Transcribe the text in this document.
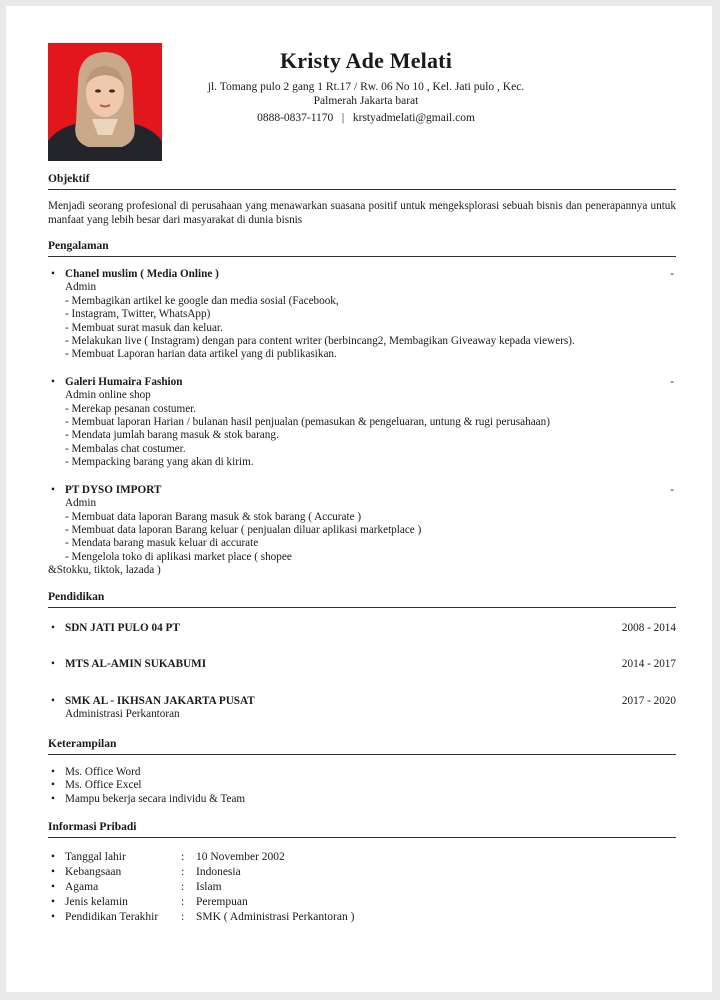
Kristy Ade Melati
jl. Tomang pulo 2 gang 1 Rt.17 / Rw. 06 No 10 , Kel. Jati pulo , Kec.
Palmerah Jakarta barat
0888-0837-1170 | krstyadmelati@gmail.com
Objektif
Menjadi seorang profesional di perusahaan yang menawarkan suasana positif untuk mengeksplorasi sebuah bisnis dan penerapannya untuk manfaat yang lebih besar dari masyarakat di dunia bisnis
Pengalaman
• Chanel muslim ( Media Online )	-
Admin
- Membagikan artikel ke google dan media sosial (Facebook,
- Instagram, Twitter, WhatsApp)
- Membuat surat masuk dan keluar.
- Melakukan live ( Instagram) dengan para content writer (berbincang2, Membagikan Giveaway kepada viewers).
- Membuat Laporan harian data artikel yang di publikasikan.
• Galeri Humaira Fashion	-
Admin online shop
- Merekap pesanan costumer.
- Membuat laporan Harian / bulanan hasil penjualan (pemasukan & pengeluaran, untung & rugi perusahaan)
- Mendata jumlah barang masuk & stok barang.
- Membalas chat costumer.
- Mempacking barang yang akan di kirim.
• PT DYSO IMPORT	-
Admin
- Membuat data laporan Barang masuk & stok barang ( Accurate )
- Membuat data laporan Barang keluar ( penjualan diluar aplikasi marketplace )
- Mendata barang masuk keluar di accurate
- Mengelola toko di aplikasi market place ( shopee
&Stokku, tiktok, lazada )
Pendidikan
• SDN JATI PULO 04 PT	2008 - 2014
• MTS AL-AMIN SUKABUMI	2014 - 2017
• SMK AL - IKHSAN JAKARTA PUSAT	2017 - 2020
Administrasi Perkantoran
Keterampilan
• Ms. Office Word
• Ms. Office Excel
• Mampu bekerja secara individu & Team
Informasi Pribadi
• Tanggal lahir	: 10 November 2002
• Kebangsaan	: Indonesia
• Agama	: Islam
• Jenis kelamin	: Perempuan
• Pendidikan Terakhir : SMK ( Administrasi Perkantoran )
